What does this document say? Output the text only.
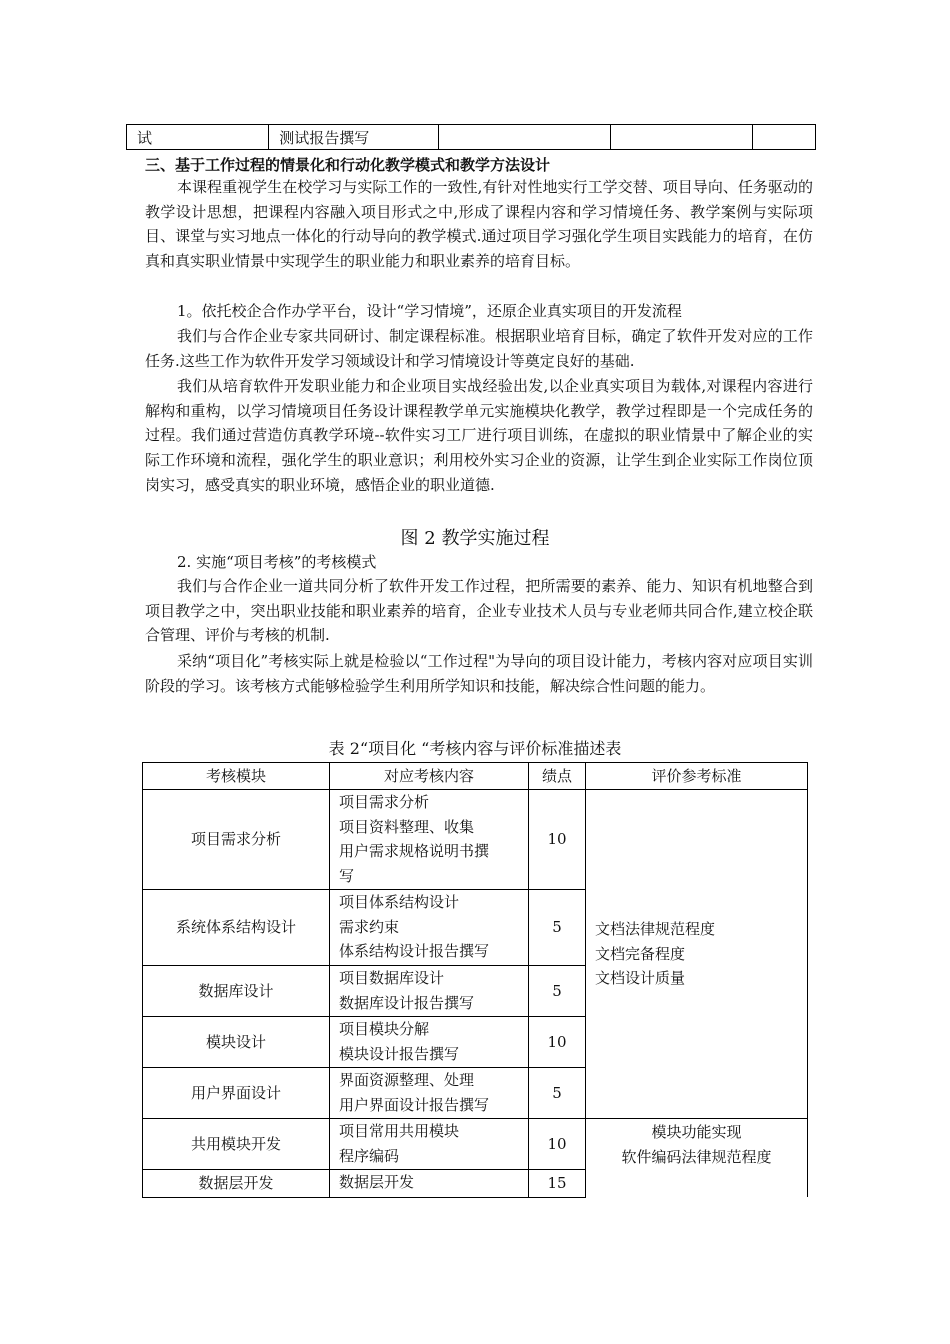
试	测试报告撰写			
三、基于工作过程的情景化和行动化教学模式和教学方法设计

本课程重视学生在校学习与实际工作的一致性,有针对性地实行工学交替、项目导向、任务驱动的教学设计思想，把课程内容融入项目形式之中,形成了课程内容和学习情境任务、教学案例与实际项目、课堂与实习地点一体化的行动导向的教学模式.通过项目学习强化学生项目实践能力的培育，在仿真和真实职业情景中实现学生的职业能力和职业素养的培育目标。

1。依托校企合作办学平台，设计“学习情境”，还原企业真实项目的开发流程

我们与合作企业专家共同研讨、制定课程标准。根据职业培育目标，确定了软件开发对应的工作任务.这些工作为软件开发学习领域设计和学习情境设计等奠定良好的基础.

我们从培育软件开发职业能力和企业项目实战经验出发,以企业真实项目为载体,对课程内容进行解构和重构，以学习情境项目任务设计课程教学单元实施模块化教学，教学过程即是一个完成任务的过程。我们通过营造仿真教学环境--软件实习工厂进行项目训练，在虚拟的职业情景中了解企业的实际工作环境和流程，强化学生的职业意识；利用校外实习企业的资源，让学生到企业实际工作岗位顶岗实习，感受真实的职业环境，感悟企业的职业道德.

图 2 教学实施过程
2. 实施“项目考核”的考核模式

我们与合作企业一道共同分析了软件开发工作过程，把所需要的素养、能力、知识有机地整合到项目教学之中，突出职业技能和职业素养的培育，企业专业技术人员与专业老师共同合作,建立校企联合管理、评价与考核的机制.

采纳“项目化”考核实际上就是检验以“工作过程"为导向的项目设计能力，考核内容对应项目实训阶段的学习。该考核方式能够检验学生利用所学知识和技能，解决综合性问题的能力。

表 2“项目化 “考核内容与评价标准描述表
考核模块	对应考核内容	绩点	评价参考标准
项目需求分析	项目需求分析
项目资料整理、收集
用户需求规格说明书撰
写	10	文档法律规范程度
文档完备程度
文档设计质量

系统体系结构设计	项目体系结构设计
需求约束
体系结构设计报告撰写	5	
数据库设计	项目数据库设计
数据库设计报告撰写	5	
模块设计	项目模块分解
模块设计报告撰写	10	
用户界面设计	界面资源整理、处理
用户界面设计报告撰写	5	
共用模块开发	项目常用共用模块
程序编码	10	模块功能实现
软件编码法律规范程度

数据层开发	数据层开发	15	
